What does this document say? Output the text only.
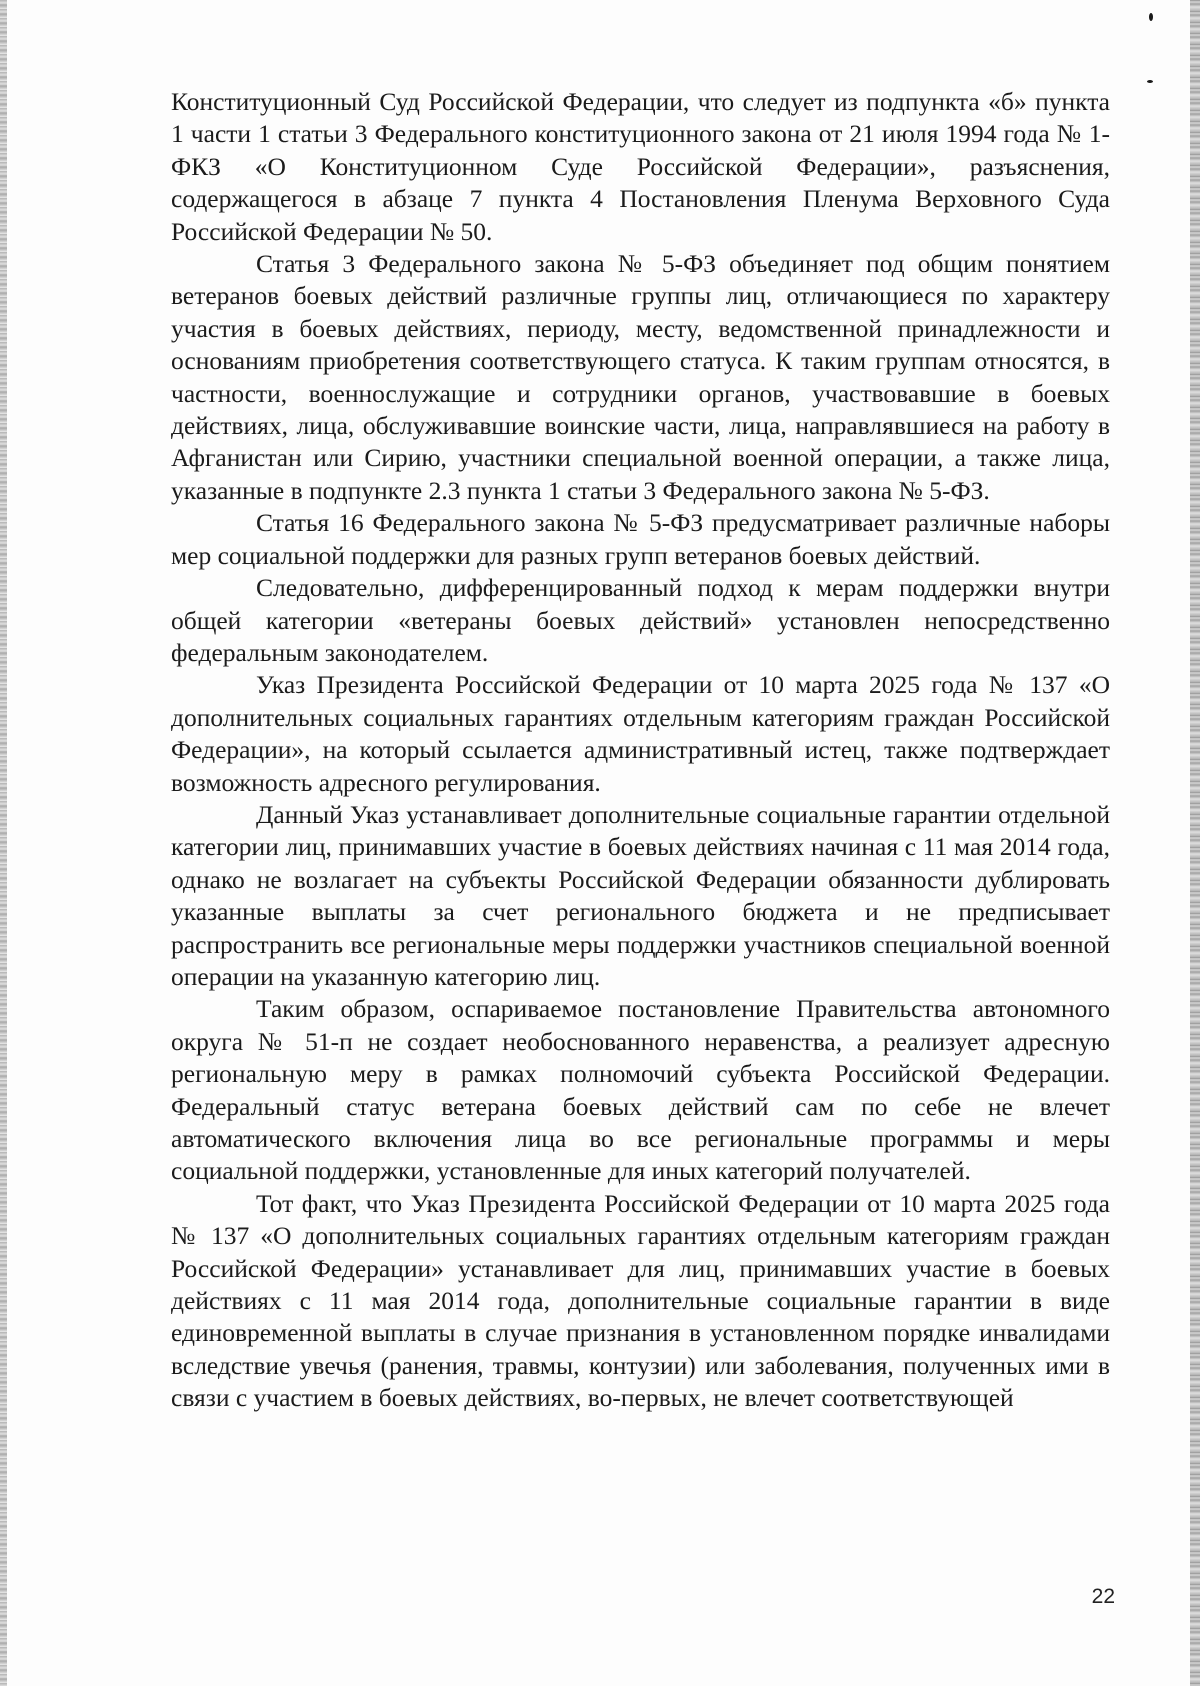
Конституционный Суд Российской Федерации, что следует из подпункта «б» пункта 1 части 1 статьи 3 Федерального конституционного закона от 21 июля 1994 года № 1-ФКЗ «О Конституционном Суде Российской Федерации», разъяснения, содержащегося в абзаце 7 пункта 4 Постановления Пленума Верховного Суда Российской Федерации № 50.

Статья 3 Федерального закона № 5-ФЗ объединяет под общим понятием ветеранов боевых действий различные группы лиц, отличающиеся по характеру участия в боевых действиях, периоду, месту, ведомственной принадлежности и основаниям приобретения соответствующего статуса. К таким группам относятся, в частности, военнослужащие и сотрудники органов, участвовавшие в боевых действиях, лица, обслуживавшие воинские части, лица, направлявшиеся на работу в Афганистан или Сирию, участники специальной военной операции, а также лица, указанные в подпункте 2.3 пункта 1 статьи 3 Федерального закона № 5-ФЗ.

Статья 16 Федерального закона № 5-ФЗ предусматривает различные наборы мер социальной поддержки для разных групп ветеранов боевых действий.

Следовательно, дифференцированный подход к мерам поддержки внутри общей категории «ветераны боевых действий» установлен непосредственно федеральным законодателем.

Указ Президента Российской Федерации от 10 марта 2025 года № 137 «О дополнительных социальных гарантиях отдельным категориям граждан Российской Федерации», на который ссылается административный истец, также подтверждает возможность адресного регулирования.

Данный Указ устанавливает дополнительные социальные гарантии отдельной категории лиц, принимавших участие в боевых действиях начиная с 11 мая 2014 года, однако не возлагает на субъекты Российской Федерации обязанности дублировать указанные выплаты за счет регионального бюджета и не предписывает распространить все региональные меры поддержки участников специальной военной операции на указанную категорию лиц.

Таким образом, оспариваемое постановление Правительства автономного округа № 51-п не создает необоснованного неравенства, а реализует адресную региональную меру в рамках полномочий субъекта Российской Федерации. Федеральный статус ветерана боевых действий сам по себе не влечет автоматического включения лица во все региональные программы и меры социальной поддержки, установленные для иных категорий получателей.

Тот факт, что Указ Президента Российской Федерации от 10 марта 2025 года № 137 «О дополнительных социальных гарантиях отдельным категориям граждан Российской Федерации» устанавливает для лиц, принимавших участие в боевых действиях с 11 мая 2014 года, дополнительные социальные гарантии в виде единовременной выплаты в случае признания в установленном порядке инвалидами вследствие увечья (ранения, травмы, контузии) или заболевания, полученных ими в связи с участием в боевых действиях, во-первых, не влечет соответствующей

22
